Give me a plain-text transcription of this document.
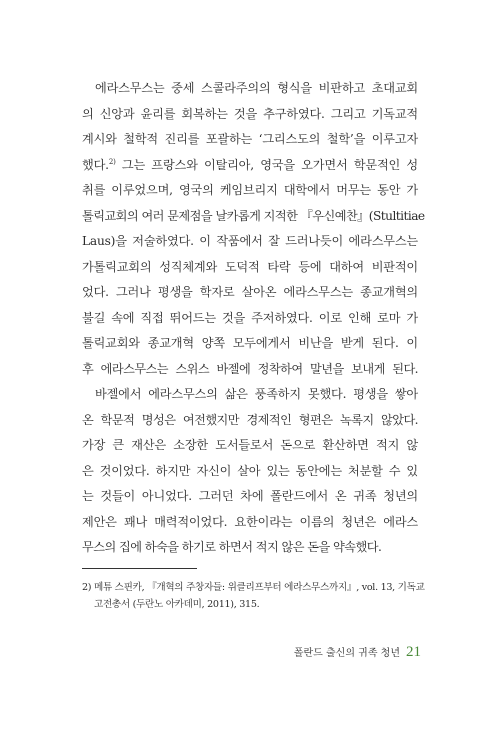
에라스무스는 중세 스콜라주의의 형식을 비판하고 초대교회
의 신앙과 윤리를 회복하는 것을 추구하였다. 그리고 기독교적
계시와 철학적 진리를 포괄하는 ‘그리스도의 철학’을 이루고자
했다.$^{2)}$ 그는 프랑스와 이탈리아, 영국을 오가면서 학문적인 성
취를 이루었으며, 영국의 케임브리지 대학에서 머무는 동안 가
톨릭교회의 여러 문제점을 날카롭게 지적한 『우신예찬』(Stultitiae
Laus)을 저술하였다. 이 작품에서 잘 드러나듯이 에라스무스는
가톨릭교회의 성직체계와 도덕적 타락 등에 대하여 비판적이
었다. 그러나 평생을 학자로 살아온 에라스무스는 종교개혁의
불길 속에 직접 뛰어드는 것을 주저하였다. 이로 인해 로마 가
톨릭교회와 종교개혁 양쪽 모두에게서 비난을 받게 된다. 이
후 에라스무스는 스위스 바젤에 정착하여 말년을 보내게 된다.
바젤에서 에라스무스의 삶은 풍족하지 못했다. 평생을 쌓아
온 학문적 명성은 여전했지만 경제적인 형편은 녹록지 않았다.
가장 큰 재산은 소장한 도서들로서 돈으로 환산하면 적지 않
은 것이었다. 하지만 자신이 살아 있는 동안에는 처분할 수 있
는 것들이 아니었다. 그러던 차에 폴란드에서 온 귀족 청년의
제안은 꽤나 매력적이었다. 요한이라는 이름의 청년은 에라스
무스의 집에 하숙을 하기로 하면서 적지 않은 돈을 약속했다.
2) 메튜 스핀카, 『개혁의 주창자들: 위클리프부터 에라스무스까지』, vol. 13, 기독교
고전총서 (두란노 아카데미, 2011), 315.
폴란드 출신의 귀족 청년 21
